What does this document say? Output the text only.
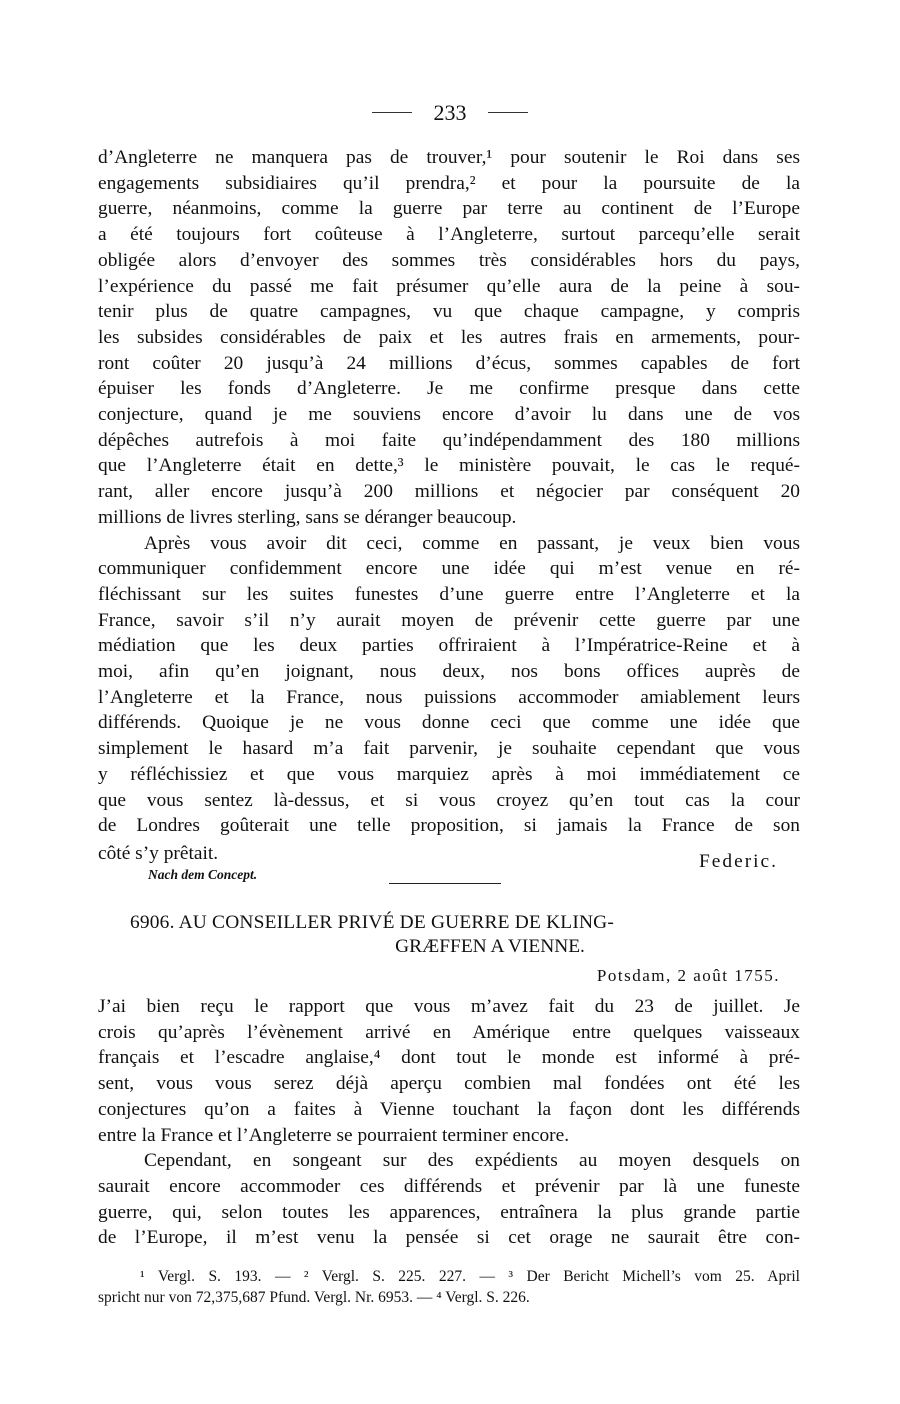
233
d’Angleterre ne manquera pas de trouver,¹ pour soutenir le Roi dans ses
engagements subsidiaires qu’il prendra,² et pour la poursuite de la
guerre, néanmoins, comme la guerre par terre au continent de l’Europe
a été toujours fort coûteuse à l’Angleterre, surtout parcequ’elle serait
obligée alors d’envoyer des sommes très considérables hors du pays,
l’expérience du passé me fait présumer qu’elle aura de la peine à sou-
tenir plus de quatre campagnes, vu que chaque campagne, y compris
les subsides considérables de paix et les autres frais en armements, pour-
ront coûter 20 jusqu’à 24 millions d’écus, sommes capables de fort
épuiser les fonds d’Angleterre. Je me confirme presque dans cette
conjecture, quand je me souviens encore d’avoir lu dans une de vos
dépêches autrefois à moi faite qu’indépendamment des 180 millions
que l’Angleterre était en dette,³ le ministère pouvait, le cas le requé-
rant, aller encore jusqu’à 200 millions et négocier par conséquent 20
millions de livres sterling, sans se déranger beaucoup.
Après vous avoir dit ceci, comme en passant, je veux bien vous
communiquer confidemment encore une idée qui m’est venue en ré-
fléchissant sur les suites funestes d’une guerre entre l’Angleterre et la
France, savoir s’il n’y aurait moyen de prévenir cette guerre par une
médiation que les deux parties offriraient à l’Impératrice-Reine et à
moi, afin qu’en joignant, nous deux, nos bons offices auprès de
l’Angleterre et la France, nous puissions accommoder amiablement leurs
différends. Quoique je ne vous donne ceci que comme une idée que
simplement le hasard m’a fait parvenir, je souhaite cependant que vous
y réfléchissiez et que vous marquiez après à moi immédiatement ce
que vous sentez là-dessus, et si vous croyez qu’en tout cas la cour
de Londres goûterait une telle proposition, si jamais la France de son
côté s’y prêtait.	Federic.
Nach dem Concept.
6906. AU CONSEILLER PRIVÉ DE GUERRE DE KLING-
GRÆFFEN A VIENNE.
Potsdam, 2 août 1755.
J’ai bien reçu le rapport que vous m’avez fait du 23 de juillet. Je
crois qu’après l’évènement arrivé en Amérique entre quelques vaisseaux
français et l’escadre anglaise,⁴ dont tout le monde est informé à pré-
sent, vous vous serez déjà aperçu combien mal fondées ont été les
conjectures qu’on a faites à Vienne touchant la façon dont les différends
entre la France et l’Angleterre se pourraient terminer encore.
Cependant, en songeant sur des expédients au moyen desquels on
saurait encore accommoder ces différends et prévenir par là une funeste
guerre, qui, selon toutes les apparences, entraînera la plus grande partie
de l’Europe, il m’est venu la pensée si cet orage ne saurait être con-
¹ Vergl. S. 193. — ² Vergl. S. 225. 227. — ³ Der Bericht Michell’s vom 25. April
spricht nur von 72,375,687 Pfund. Vergl. Nr. 6953. — ⁴ Vergl. S. 226.
